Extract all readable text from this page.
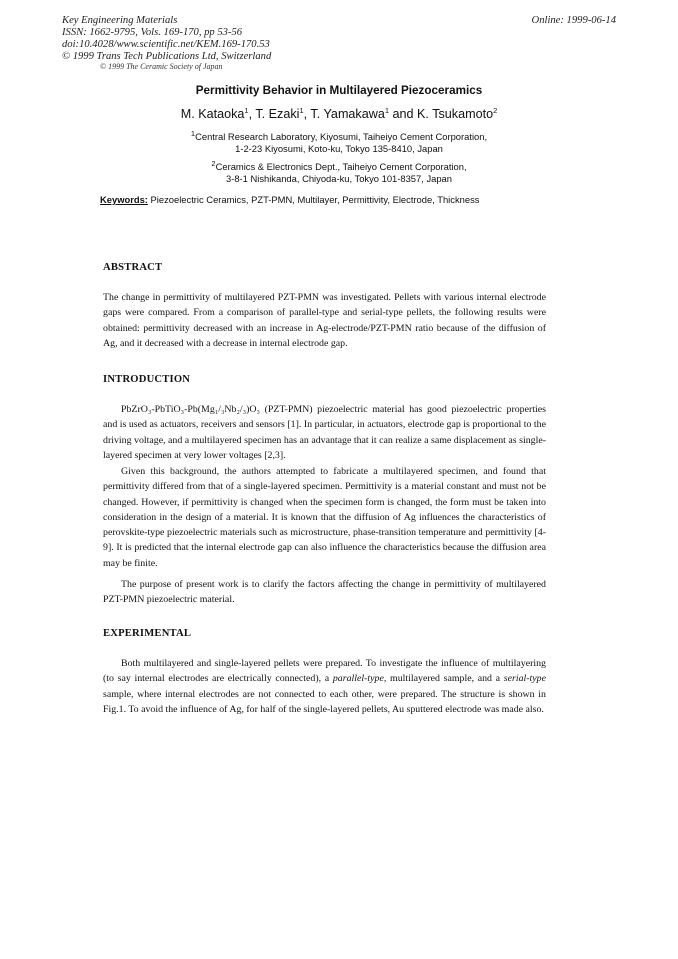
Key Engineering Materials
ISSN: 1662-9795, Vols. 169-170, pp 53-56
doi:10.4028/www.scientific.net/KEM.169-170.53
© 1999 Trans Tech Publications Ltd, Switzerland
Online: 1999-06-14
© 1999 The Ceramic Society of Japan
Permittivity Behavior in Multilayered Piezoceramics
M. Kataoka$^1$, T. Ezaki$^1$, T. Yamakawa$^1$ and K. Tsukamoto$^2$
$^1$Central Research Laboratory, Kiyosumi, Taiheiyo Cement Corporation,
1-2-23 Kiyosumi, Koto-ku, Tokyo 135-8410, Japan
$^2$Ceramics & Electronics Dept., Taiheiyo Cement Corporation,
3-8-1 Nishikanda, Chiyoda-ku, Tokyo 101-8357, Japan
Keywords: Piezoelectric Ceramics, PZT-PMN, Multilayer, Permittivity, Electrode, Thickness
ABSTRACT
The change in permittivity of multilayered PZT-PMN was investigated. Pellets with various internal electrode gaps were compared. From a comparison of parallel-type and serial-type pellets, the following results were obtained: permittivity decreased with an increase in Ag-electrode/PZT-PMN ratio because of the diffusion of Ag, and it decreased with a decrease in internal electrode gap.
INTRODUCTION
PbZrO₃-PbTiO₃-Pb(Mg₁/₃Nb₂/₃)O₃ (PZT-PMN) piezoelectric material has good piezoelectric properties and is used as actuators, receivers and sensors [1]. In particular, in actuators, electrode gap is proportional to the driving voltage, and a multilayered specimen has an advantage that it can realize a same displacement as single-layered specimen at very lower voltages [2,3].
Given this background, the authors attempted to fabricate a multilayered specimen, and found that permittivity differed from that of a single-layered specimen. Permittivity is a material constant and must not be changed. However, if permittivity is changed when the specimen form is changed, the form must be taken into consideration in the design of a material. It is known that the diffusion of Ag influences the characteristics of perovskite-type piezoelectric materials such as microstructure, phase-transition temperature and permittivity [4-9]. It is predicted that the internal electrode gap can also influence the characteristics because the diffusion area may be finite.
The purpose of present work is to clarify the factors affecting the change in permittivity of multilayered PZT-PMN piezoelectric material.
EXPERIMENTAL
Both multilayered and single-layered pellets were prepared. To investigate the influence of multilayering (to say internal electrodes are electrically connected), a parallel-type, multilayered sample, and a serial-type sample, where internal electrodes are not connected to each other, were prepared. The structure is shown in Fig.1. To avoid the influence of Ag, for half of the single-layered pellets, Au sputtered electrode was made also.
